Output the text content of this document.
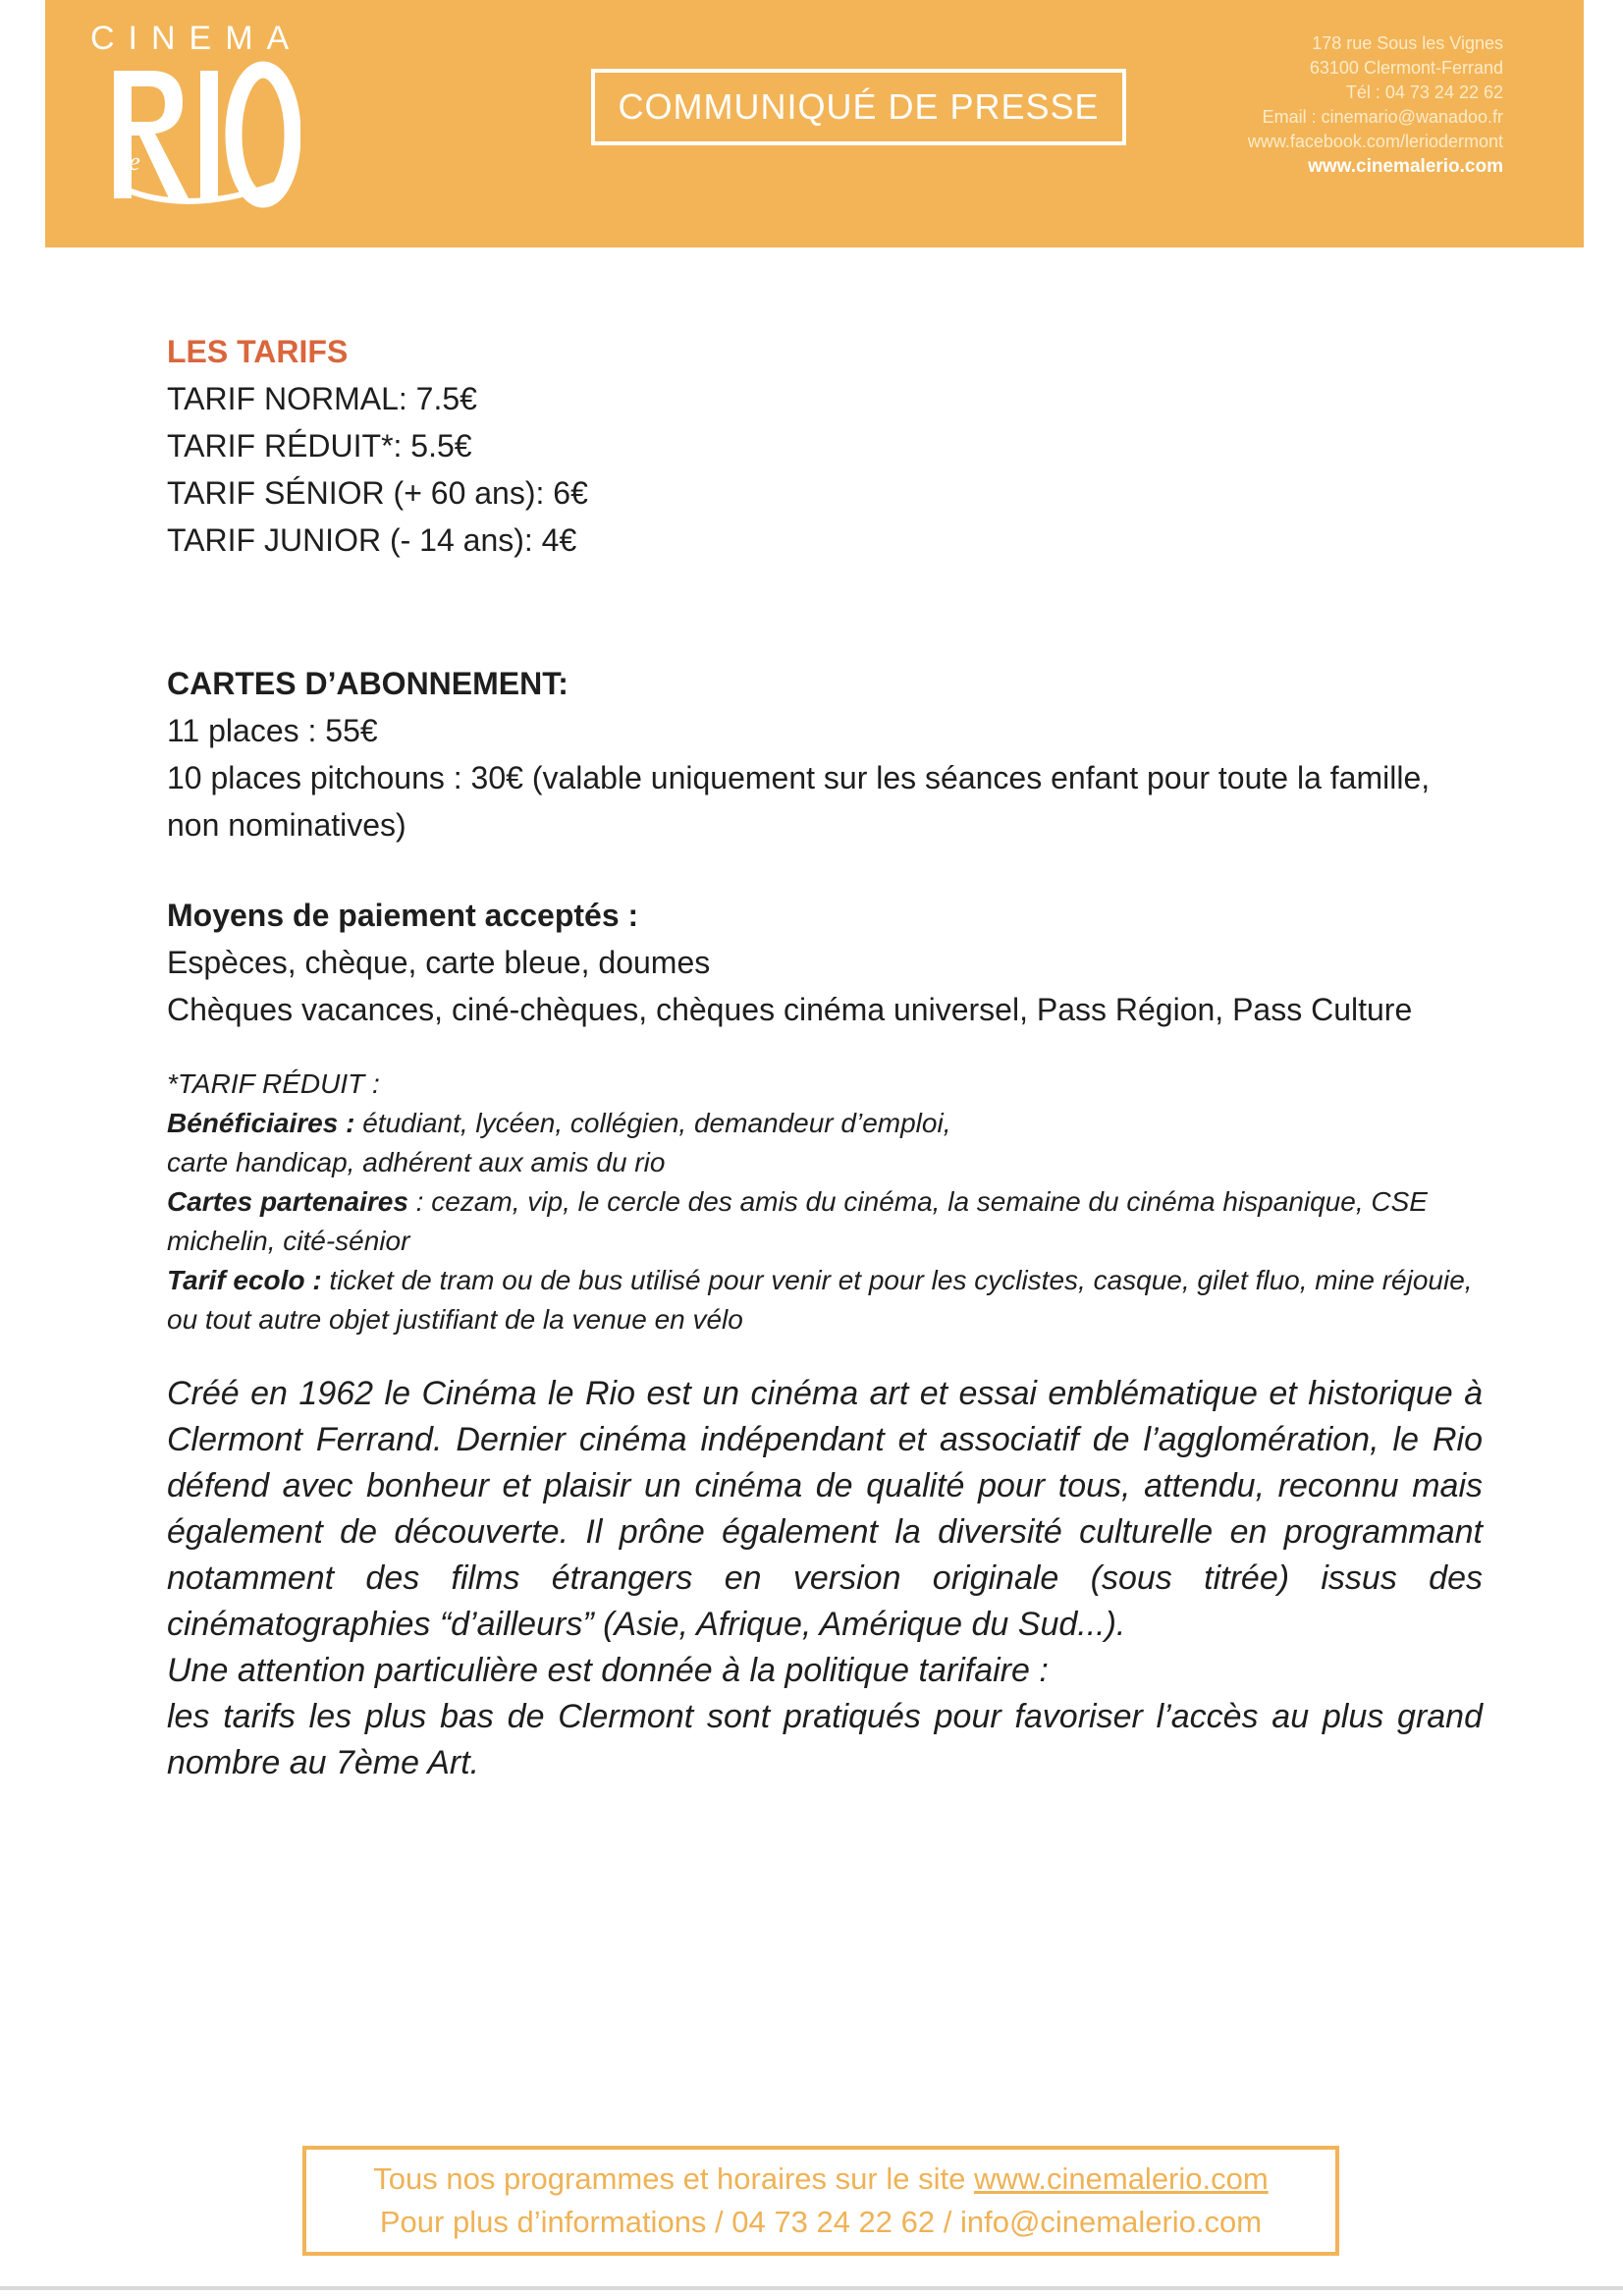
CINEMA
le
COMMUNIQUÉ DE PRESSE
178 rue Sous les Vignes
63100 Clermont-Ferrand
Tél : 04 73 24 22 62
Email : cinemario@wanadoo.fr
www.facebook.com/leriodermont
www.cinemalerio.com

LES TARIFS

TARIF NORMAL: 7.5€

TARIF RÉDUIT*: 5.5€

TARIF SÉNIOR (+ 60 ans): 6€

TARIF JUNIOR (- 14 ans): 4€

CARTES D’ABONNEMENT:

11 places : 55€

10 places pitchouns : 30€ (valable uniquement sur les séances enfant pour toute la famille, non nominatives)

Moyens de paiement acceptés :

Espèces, chèque, carte bleue, doumes

Chèques vacances, ciné-chèques, chèques cinéma universel, Pass Région, Pass Culture

*TARIF RÉDUIT :

Bénéficiaires : étudiant, lycéen, collégien, demandeur d’emploi,

carte handicap, adhérent aux amis du rio

Cartes partenaires : cezam, vip, le cercle des amis du cinéma, la semaine du cinéma hispanique, CSE michelin, cité-sénior

Tarif ecolo : ticket de tram ou de bus utilisé pour venir et pour les cyclistes, casque, gilet fluo, mine réjouie, ou tout autre objet justifiant de la venue en vélo

Créé en 1962 le Cinéma le Rio est un cinéma art et essai emblématique et historique à Clermont Ferrand. Dernier cinéma indépendant et associatif de l’agglomération, le Rio défend avec bonheur et plaisir un cinéma de qualité pour tous, attendu, reconnu mais également de découverte. Il prône également la diversité culturelle en programmant notamment des films étrangers en version originale (sous titrée) issus des cinématographies “d’ailleurs” (Asie, Afrique, Amérique du Sud...).

Une attention particulière est donnée à la politique tarifaire :

les tarifs les plus bas de Clermont sont pratiqués pour favoriser l’accès au plus grand nombre au 7ème Art.

Tous nos programmes et horaires sur le site www.cinemalerio.com
Pour plus d’informations / 04 73 24 22 62 / info@cinemalerio.com
